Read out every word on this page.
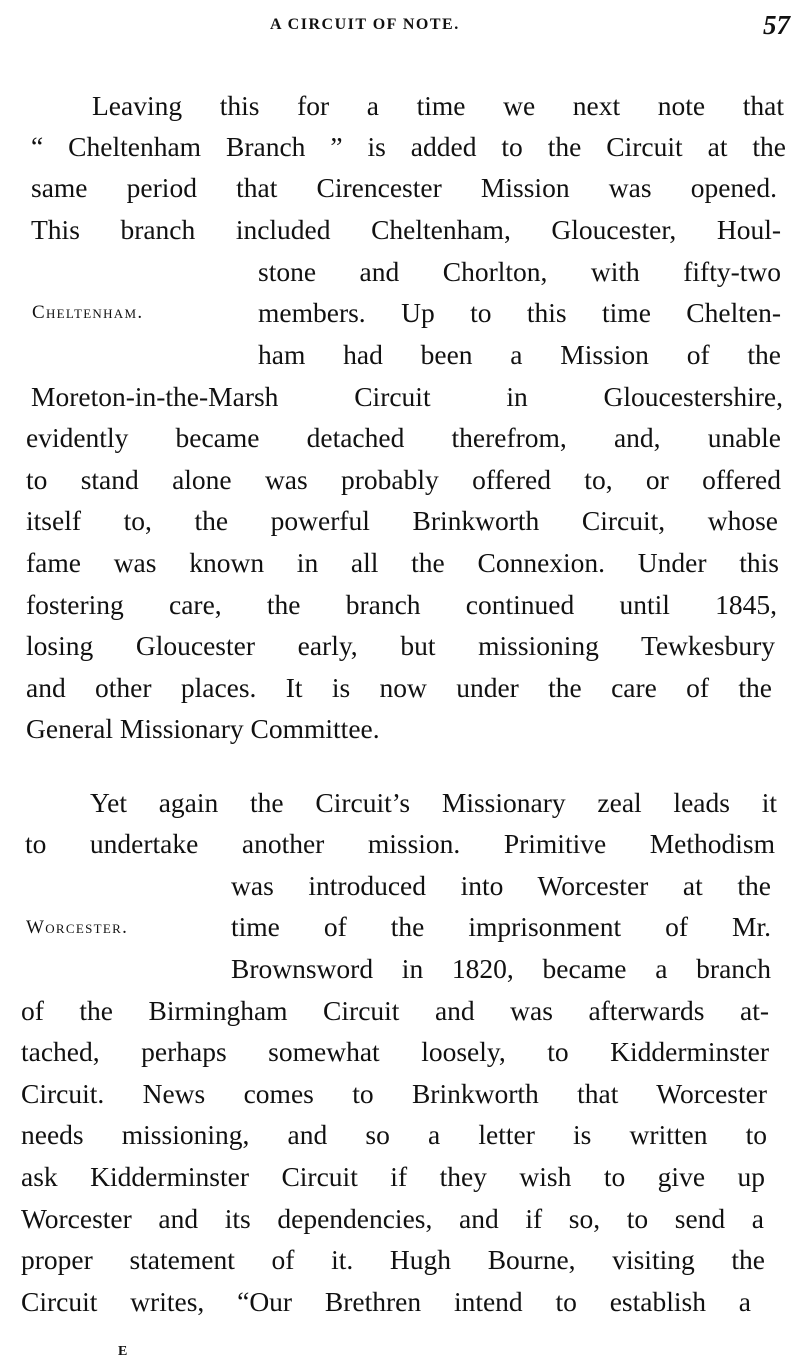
A CIRCUIT OF NOTE.	57
Leaving this for a time we next note that
“ Cheltenham Branch ” is added to the Circuit at the
same period that Cirencester Mission was opened.
This branch included Cheltenham, Gloucester, Houl-
stone and Chorlton, with fifty-two
members. Up to this time Chelten-
ham had been a Mission of the
Moreton-in-the-Marsh Circuit in Gloucestershire,
evidently became detached therefrom, and, unable
to stand alone was probably offered to, or offered
itself to, the powerful Brinkworth Circuit, whose
fame was known in all the Connexion. Under this
fostering care, the branch continued until 1845,
losing Gloucester early, but missioning Tewkesbury
and other places. It is now under the care of the
General Missionary Committee.
Cheltenham.
Yet again the Circuit’s Missionary zeal leads it
to undertake another mission. Primitive Methodism
was introduced into Worcester at the
time of the imprisonment of Mr.
Brownsword in 1820, became a branch
of the Birmingham Circuit and was afterwards at-
tached, perhaps somewhat loosely, to Kidderminster
Circuit. News comes to Brinkworth that Worcester
needs missioning, and so a letter is written to
ask Kidderminster Circuit if they wish to give up
Worcester and its dependencies, and if so, to send a
proper statement of it. Hugh Bourne, visiting the
Circuit writes, “Our Brethren intend to establish a
Worcester.
E
